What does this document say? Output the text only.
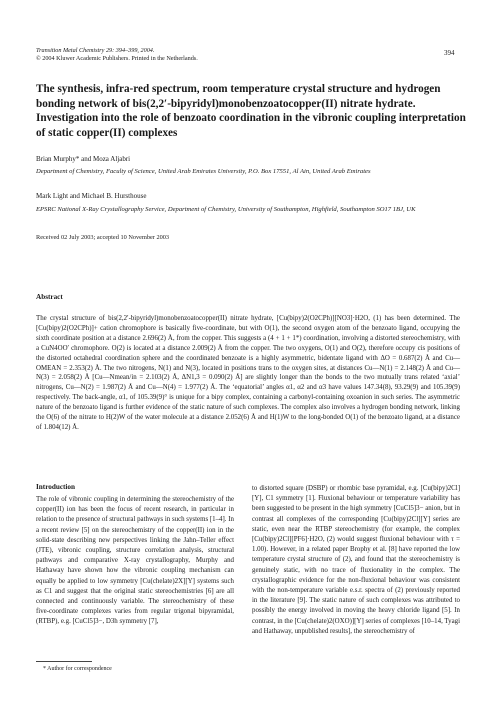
Transition Metal Chemistry 29: 394–399, 2004.
© 2004 Kluwer Academic Publishers. Printed in the Netherlands.
394
The synthesis, infra-red spectrum, room temperature crystal structure and hydrogen bonding network of bis(2,2′-bipyridyl)monobenzoatocopper(II) nitrate hydrate. Investigation into the role of benzoato coordination in the vibronic coupling interpretation of static copper(II) complexes
Brian Murphy* and Moza Aljabri
Department of Chemistry, Faculty of Science, United Arab Emirates University, P.O. Box 17551, Al Ain, United Arab Emirates
Mark Light and Michael B. Hursthouse
EPSRC National X-Ray Crystallography Service, Department of Chemistry, University of Southampton, Highfield, Southampton SO17 1BJ, UK
Received 02 July 2003; accepted 10 November 2003
Abstract
The crystal structure of bis(2,2′-bipyridyl)monobenzoatocopper(II) nitrate hydrate, [Cu(bipy)2(O2CPh)][NO3]·H2O, (1) has been determined. The [Cu(bipy)2(O2CPh)]+ cation chromophore is basically five-coordinate, but with O(1), the second oxygen atom of the benzoato ligand, occupying the sixth coordinate position at a distance 2.696(2) Å, from the copper. This suggests a (4 + 1 + 1*) coordination, involving a distorted stereochemistry, with a CuN4OO′ chromophore. O(2) is located at a distance 2.009(2) Å from the copper. The two oxygens, O(1) and O(2), therefore occupy cis positions of the distorted octahedral coordination sphere and the coordinated benzoate is a highly asymmetric, bidentate ligand with ΔO = 0.687(2) Å and Cu—OMEAN = 2.353(2) Å. The two nitrogens, N(1) and N(3), located in positions trans to the oxygen sites, at distances Cu—N(1) = 2.148(2) Å and Cu—N(3) = 2.058(2) Å [Cu—Nmean/in = 2.103(2) Å, ΔN1,3 = 0.090(2) Å] are slightly longer than the bonds to the two mutually trans related ‘axial’ nitrogens, Cu—N(2) = 1.987(2) Å and Cu—N(4) = 1.977(2) Å. The ‘equatorial’ angles α1, α2 and α3 have values 147.34(8), 93.29(9) and 105.39(9) respectively. The back-angle, α1, of 105.39(9)° is unique for a bipy complex, containing a carbonyl-containing oxoanion in such series. The asymmetric nature of the benzoato ligand is further evidence of the static nature of such complexes. The complex also involves a hydrogen bonding network, linking the O(6) of the nitrate to H(2)W of the water molecule at a distance 2.052(6) Å and H(1)W to the long-bonded O(1) of the benzoato ligand, at a distance of 1.804(12) Å.
Introduction

The role of vibronic coupling in determining the stereochemistry of the copper(II) ion has been the focus of recent research, in particular in relation to the presence of structural pathways in such systems [1–4]. In a recent review [5] on the stereochemistry of the copper(II) ion in the solid-state describing new perspectives linking the Jahn–Teller effect (JTE), vibronic coupling, structure correlation analysis, structural pathways and comparative X-ray crystallography, Murphy and Hathaway have shown how the vibronic coupling mechanism can equally be applied to low symmetry [Cu(chelate)2X][Y] systems such as C1 and suggest that the original static stereochemistries [6] are all connected and continuously variable. The stereochemistry of these five-coordinate complexes varies from regular trigonal bipyramidal, (RTBP), e.g. [CuCl5]3−, D3h symmetry [7],

to distorted square (DSBP) or rhombic base pyramidal, e.g. [Cu(bipy)2Cl][Y], C1 symmetry [1]. Fluxional behaviour or temperature variability has been suggested to be present in the high symmetry [CuCl5]3− anion, but in contrast all complexes of the corresponding [Cu(bipy)2Cl][Y] series are static, even near the RTBP stereochemistry (for example, the complex [Cu(bipy)2Cl][PF6]·H2O, (2) would suggest fluxional behaviour with τ = 1.00). However, in a related paper Brophy et al. [8] have reported the low temperature crystal structure of (2), and found that the stereochemistry is genuinely static, with no trace of fluxionality in the complex. The crystallographic evidence for the non-fluxional behaviour was consistent with the non-temperature variable e.s.r. spectra of (2) previously reported in the literature [9]. The static nature of such complexes was attributed to possibly the energy involved in moving the heavy chloride ligand [5]. In contrast, in the [Cu(chelate)2(OXO)][Y] series of complexes [10–14, Tyagi and Hathaway, unpublished results], the stereochemistry of

* Author for correspondence
